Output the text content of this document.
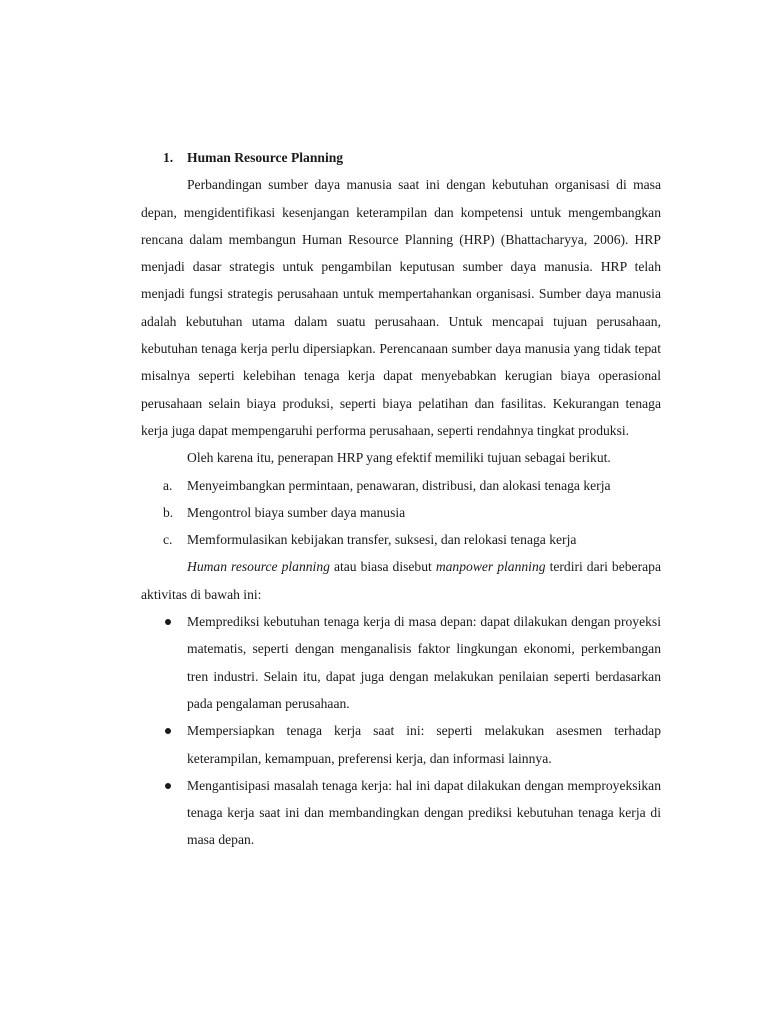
1. Human Resource Planning

Perbandingan sumber daya manusia saat ini dengan kebutuhan organisasi di masa depan, mengidentifikasi kesenjangan keterampilan dan kompetensi untuk mengembangkan rencana dalam membangun Human Resource Planning (HRP) (Bhattacharyya, 2006). HRP menjadi dasar strategis untuk pengambilan keputusan sumber daya manusia. HRP telah menjadi fungsi strategis perusahaan untuk mempertahankan organisasi. Sumber daya manusia adalah kebutuhan utama dalam suatu perusahaan. Untuk mencapai tujuan perusahaan, kebutuhan tenaga kerja perlu dipersiapkan. Perencanaan sumber daya manusia yang tidak tepat misalnya seperti kelebihan tenaga kerja dapat menyebabkan kerugian biaya operasional perusahaan selain biaya produksi, seperti biaya pelatihan dan fasilitas. Kekurangan tenaga kerja juga dapat mempengaruhi performa perusahaan, seperti rendahnya tingkat produksi.

Oleh karena itu, penerapan HRP yang efektif memiliki tujuan sebagai berikut.

a. Menyeimbangkan permintaan, penawaran, distribusi, dan alokasi tenaga kerja
b. Mengontrol biaya sumber daya manusia
c. Memformulasikan kebijakan transfer, suksesi, dan relokasi tenaga kerja

Human resource planning atau biasa disebut manpower planning terdiri dari beberapa aktivitas di bawah ini:

Memprediksi kebutuhan tenaga kerja di masa depan: dapat dilakukan dengan proyeksi matematis, seperti dengan menganalisis faktor lingkungan ekonomi, perkembangan tren industri. Selain itu, dapat juga dengan melakukan penilaian seperti berdasarkan pada pengalaman perusahaan.

Mempersiapkan tenaga kerja saat ini: seperti melakukan asesmen terhadap keterampilan, kemampuan, preferensi kerja, dan informasi lainnya.

Mengantisipasi masalah tenaga kerja: hal ini dapat dilakukan dengan memproyeksikan tenaga kerja saat ini dan membandingkan dengan prediksi kebutuhan tenaga kerja di masa depan.
